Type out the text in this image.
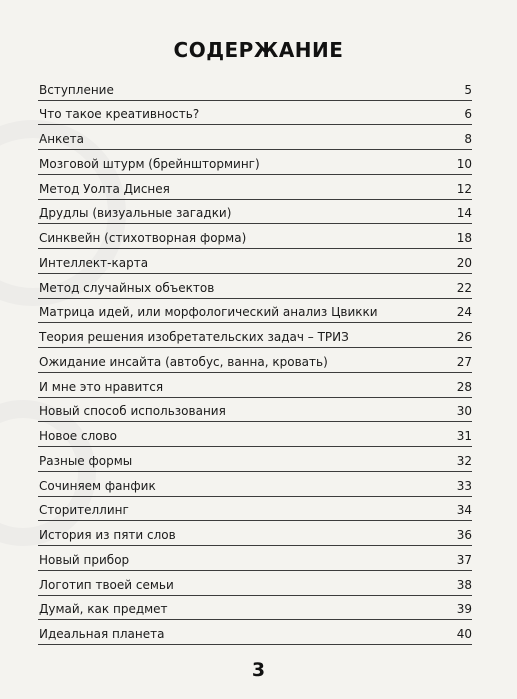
СОДЕРЖАНИЕ
Вступление	5
Что такое креативность?	6
Анкета	8
Мозговой штурм (брейншторминг)	10
Метод Уолта Диснея	12
Друдлы (визуальные загадки)	14
Синквейн (стихотворная форма)	18
Интеллект-карта	20
Метод случайных объектов	22
Матрица идей, или морфологический анализ Цвикки	24
Теория решения изобретательских задач – ТРИЗ	26
Ожидание инсайта (автобус, ванна, кровать)	27
И мне это нравится	28
Новый способ использования	30
Новое слово	31
Разные формы	32
Сочиняем фанфик	33
Сторителлинг	34
История из пяти слов	36
Новый прибор	37
Логотип твоей семьи	38
Думай, как предмет	39
Идеальная планета	40
3
